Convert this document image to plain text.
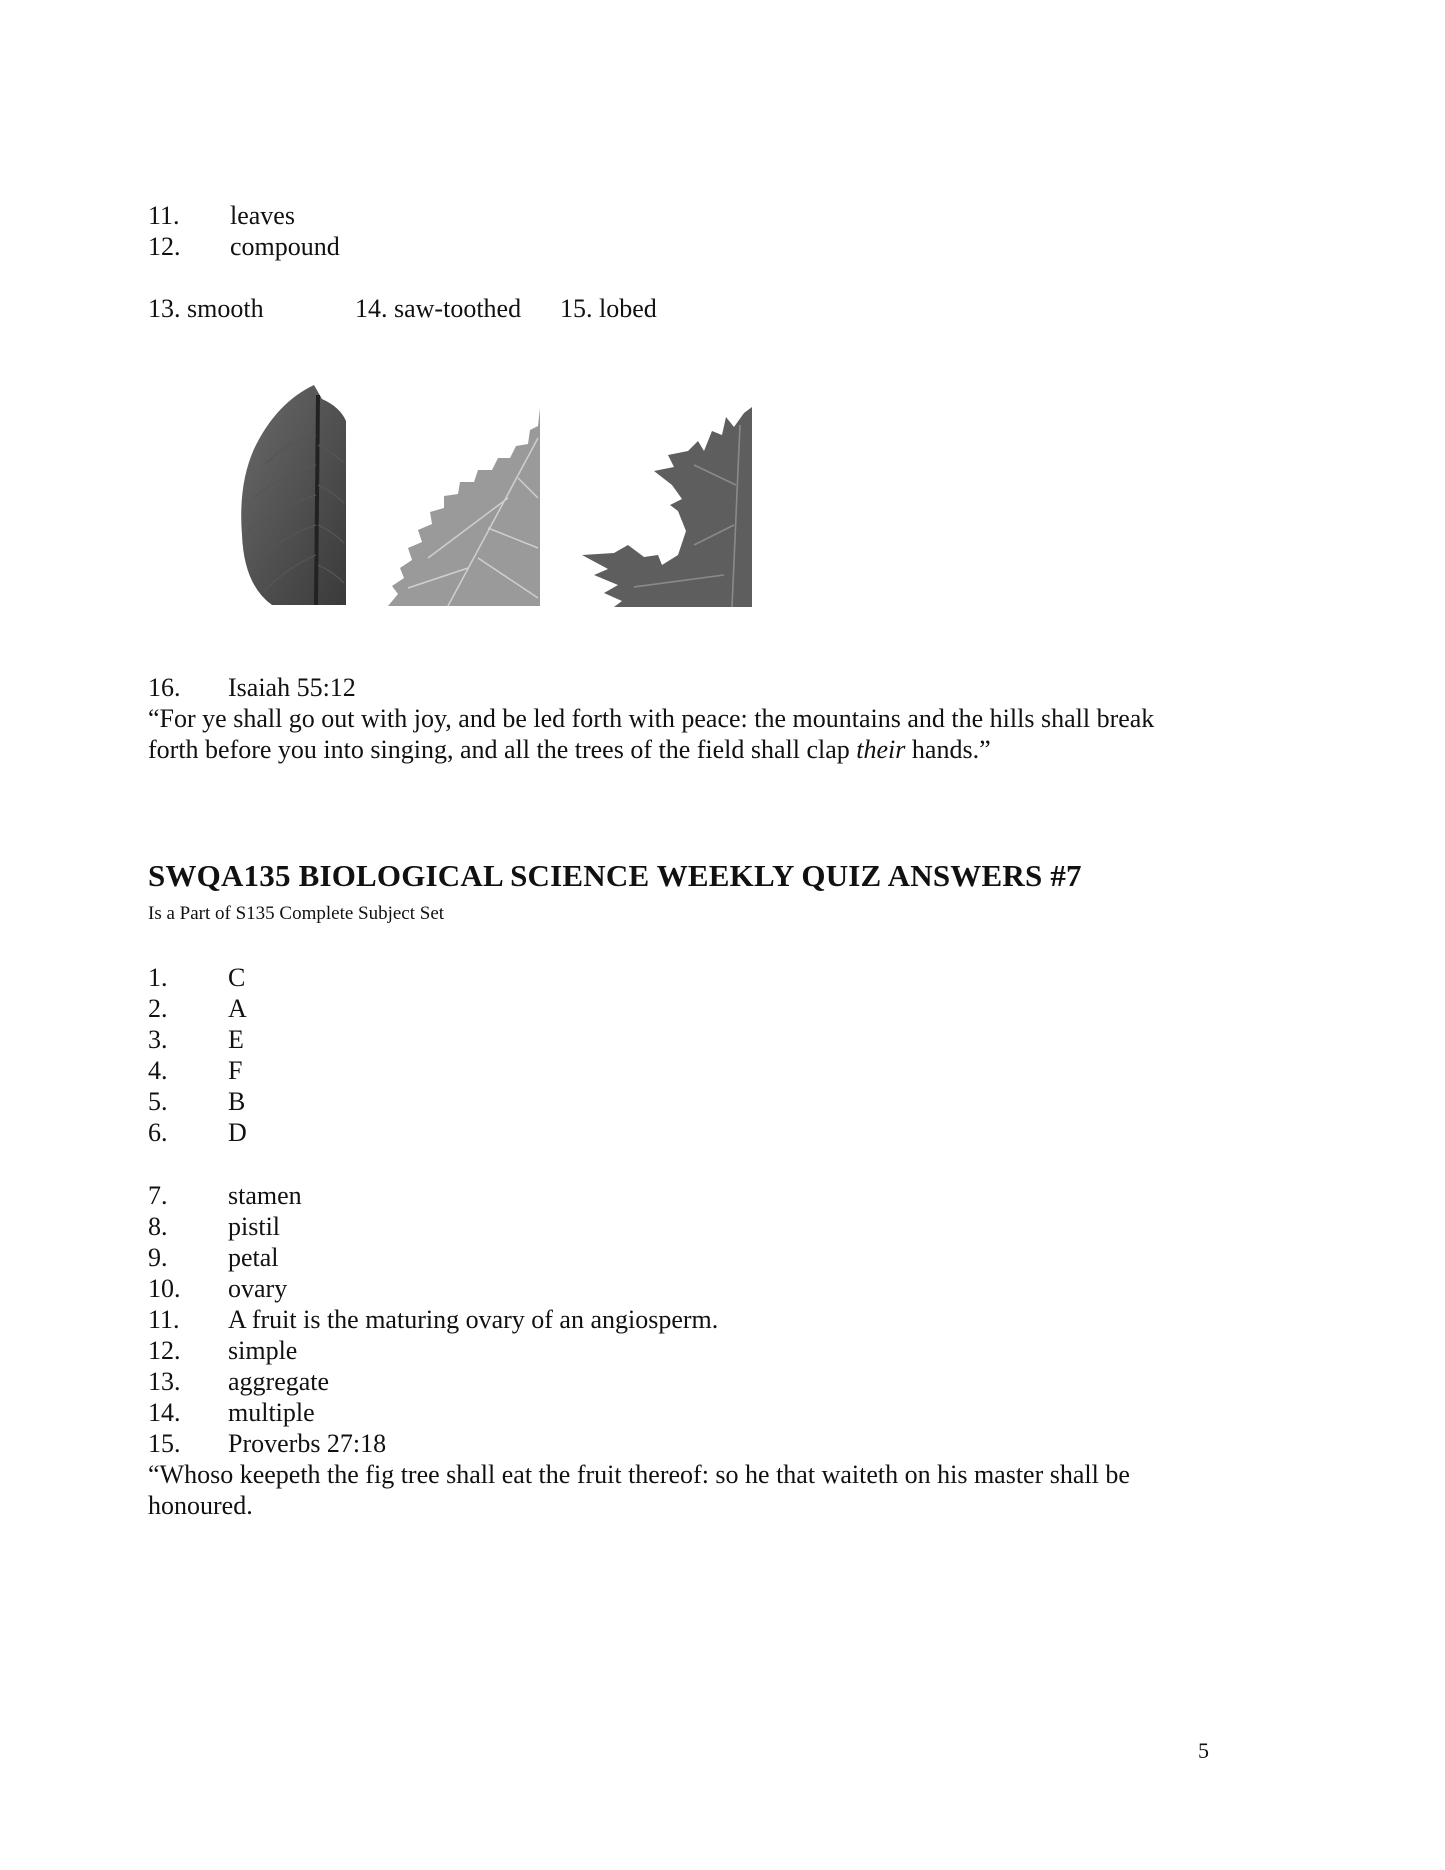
11. leaves
12. compound
13. smooth	14. saw-toothed 15. lobed
16. Isaiah 55:12
“For ye shall go out with joy, and be led forth with peace: the mountains and the hills shall break
forth before you into singing, and all the trees of the field shall clap their hands.”
SWQA135 BIOLOGICAL SCIENCE WEEKLY QUIZ ANSWERS #7
Is a Part of S135 Complete Subject Set
1. C
2. A
3. E
4. F
5. B
6. D
7. stamen
8. pistil
9. petal
10. ovary
11. A fruit is the maturing ovary of an angiosperm.
12. simple
13. aggregate
14. multiple
15. Proverbs 27:18
“Whoso keepeth the fig tree shall eat the fruit thereof: so he that waiteth on his master shall be
honoured.
5
